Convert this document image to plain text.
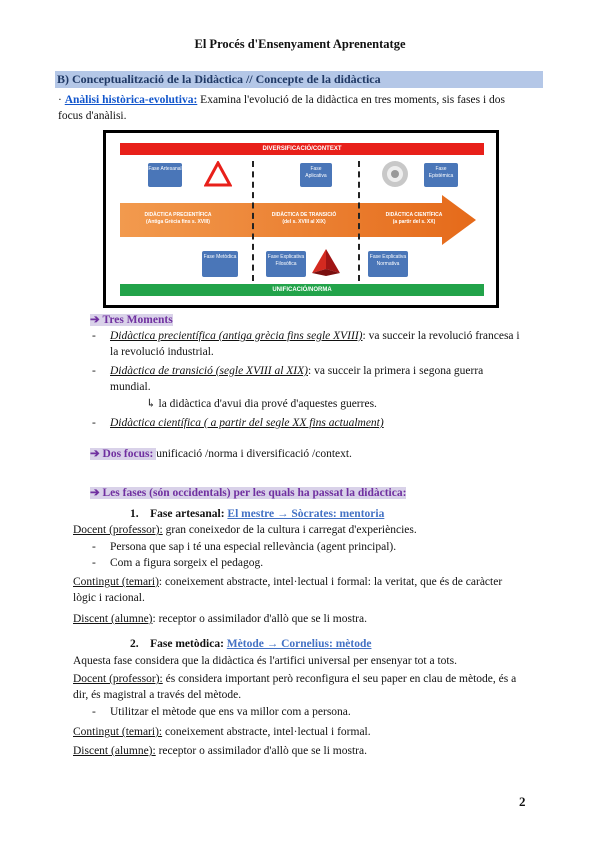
El Procés d'Ensenyament Aprenentatge
B) Conceptualització de la Didàctica // Concepte de la didàctica
· Anàlisi històrica-evolutiva: Examina l'evolució de la didàctica en tres moments, sis fases i dos
focus d'anàlisi.
DIVERSIFICACIÓ/CONTEXT
Fase Artesanal	Fase Aplicativa
Fase Epistèmica
DIDÀCTICA PRECIENTÍFICA
(Antiga Grècia fins s. XVIII)
DIDÀCTICA DE TRANSICIÓ
(del s. XVIII al XIX)
DIDÀCTICA CIENTÍFICA
(a partir del s. XX)
Fase Metòdica	Fase Explicativa Filosòfica
Fase Explicativa Normativa
UNIFICACIÓ/NORMA
➔ Tres Moments
-	Didàctica precientífica (antiga grècia fins segle XVIII): va succeir la revolució francesa i
la revolució industrial.
-	Didàctica de transició (segle XVIII al XIX): va succeir la primera i segona guerra
mundial.
↳ la didàctica d'avui dia prové d'aquestes guerres.
-	Didàctica científica ( a partir del segle XX fins actualment)
➔ Dos focus: unificació /norma i diversificació /context.
➔ Les fases (són occidentals) per les quals ha passat la didàctica:
1. Fase artesanal: El mestre → Sòcrates: mentoria
Docent (professor): gran coneixedor de la cultura i carregat d'experiències.
-	Persona que sap i té una especial rellevància (agent principal).
-	Com a figura sorgeix el pedagog.
Contingut (temari): coneixement abstracte, intel·lectual i formal: la veritat, que és de caràcter
lògic i racional.
Discent (alumne): receptor o assimilador d'allò que se li mostra.
2. Fase metòdica: Mètode → Cornelius: mètode
Aquesta fase considera que la didàctica és l'artifici universal per ensenyar tot a tots.
Docent (professor): és considera important però reconfigura el seu paper en clau de mètode, és a
dir, és magistral a través del mètode.
-	Utilitzar el mètode que ens va millor com a persona.
Contingut (temari): coneixement abstracte, intel·lectual i formal.
Discent (alumne): receptor o assimilador d'allò que se li mostra.
2
